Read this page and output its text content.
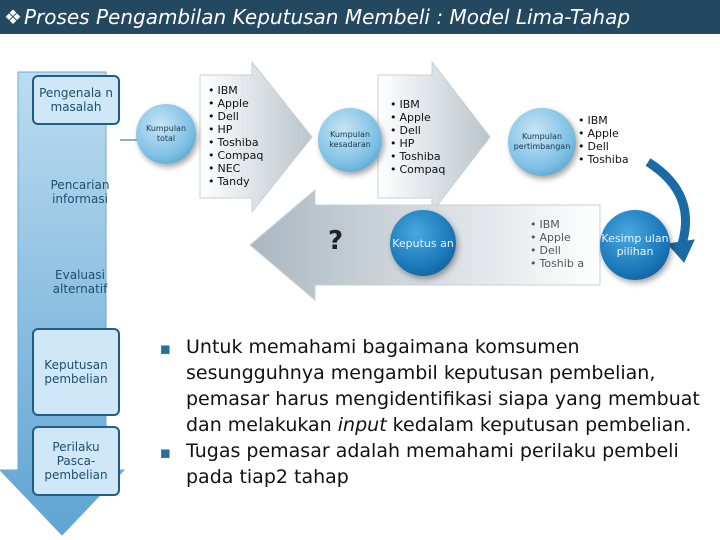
❖ Proses Pengambilan Keputusan Membeli : Model Lima-Tahap
Pengenala n masalah
Pencarian informasi
Evaluasi alternatif
Keputusan pembelian
Perilaku Pasca-pembelian
Kumpulan total
• IBM
• Apple
• Dell
• HP
• Toshiba
• Compaq
• NEC
• Tandy
Kumpulan kesadaran
• IBM
• Apple
• Dell
• HP
• Toshiba
• Compaq
Kumpulan pertimbangan
• IBM
• Apple
• Dell
• Toshiba
Keputus an
?
• IBM
• Apple
• Dell
• Toshib a
Kesimp ulan pilihan
◼ Untuk memahami bagaimana komsumen sesungguhnya mengambil keputusan pembelian, pemasar harus mengidentifikasi siapa yang membuat dan melakukan input kedalam keputusan pembelian.
◼ Tugas pemasar adalah memahami perilaku pembeli pada tiap2 tahap
